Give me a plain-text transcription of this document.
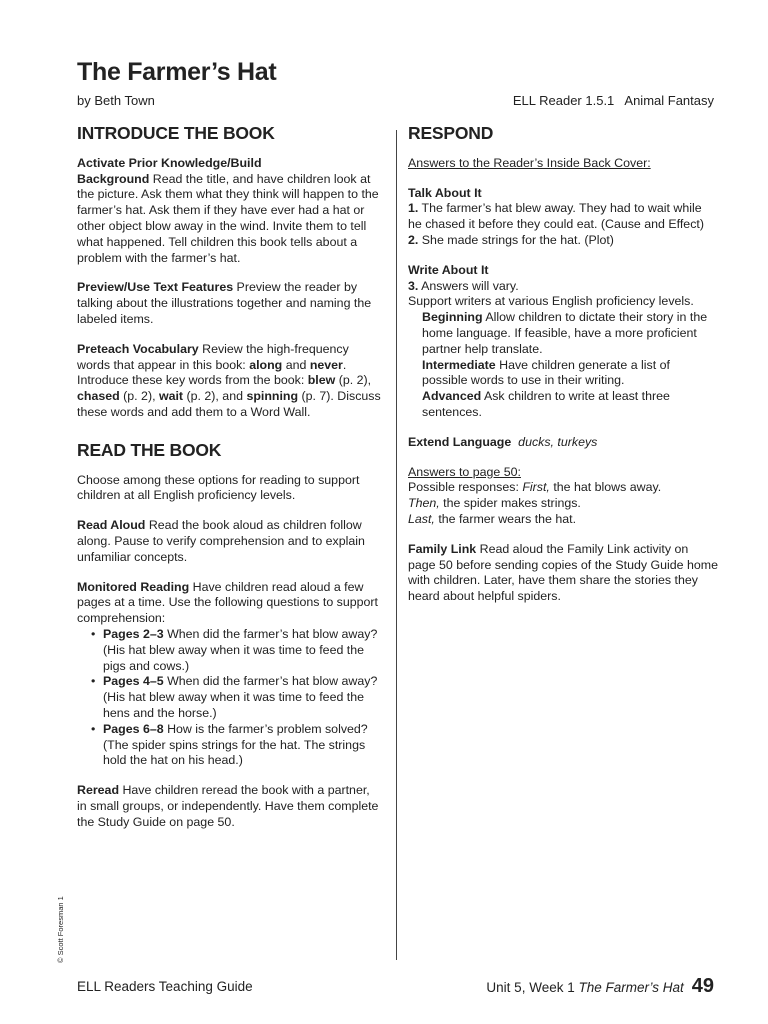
The Farmer’s Hat
by Beth Town	ELL Reader 1.5.1   Animal Fantasy
INTRODUCE THE BOOK

Activate Prior Knowledge/Build
Background Read the title, and have children look at the picture. Ask them what they think will happen to the farmer’s hat. Ask them if they have ever had a hat or other object blow away in the wind. Invite them to tell what happened. Tell children this book tells about a problem with the farmer’s hat.

Preview/Use Text Features Preview the reader by talking about the illustrations together and naming the labeled items.

Preteach Vocabulary Review the high-frequency words that appear in this book: along and never. Introduce these key words from the book: blew (p. 2), chased (p. 2), wait (p. 2), and spinning (p. 7). Discuss these words and add them to a Word Wall.

READ THE BOOK

Choose among these options for reading to support children at all English proficiency levels.

Read Aloud Read the book aloud as children follow along. Pause to verify comprehension and to explain unfamiliar concepts.

Monitored Reading Have children read aloud a few pages at a time. Use the following questions to support comprehension:

• Pages 2–3 When did the farmer’s hat blow away? (His hat blew away when it was time to feed the pigs and cows.)
• Pages 4–5 When did the farmer’s hat blow away? (His hat blew away when it was time to feed the hens and the horse.)
• Pages 6–8 How is the farmer’s problem solved? (The spider spins strings for the hat. The strings hold the hat on his head.)

Reread Have children reread the book with a partner, in small groups, or independently. Have them complete the Study Guide on page 50.

RESPOND

Answers to the Reader’s Inside Back Cover:

Talk About It
1. The farmer’s hat blew away. They had to wait while he chased it before they could eat. (Cause and Effect)
2. She made strings for the hat. (Plot)

Write About It
3. Answers will vary.
Support writers at various English proficiency levels.

Beginning Allow children to dictate their story in the home language. If feasible, have a more proficient partner help translate.
Intermediate Have children generate a list of possible words to use in their writing.
Advanced Ask children to write at least three sentences.

Extend Language ducks, turkeys

Answers to page 50:
Possible responses: First, the hat blows away.
Then, the spider makes strings.
Last, the farmer wears the hat.

Family Link Read aloud the Family Link activity on page 50 before sending copies of the Study Guide home with children. Later, have them share the stories they heard about helpful spiders.

© Scott Foresman 1
ELL Readers Teaching Guide	Unit 5, Week 1 The Farmer’s Hat 49
